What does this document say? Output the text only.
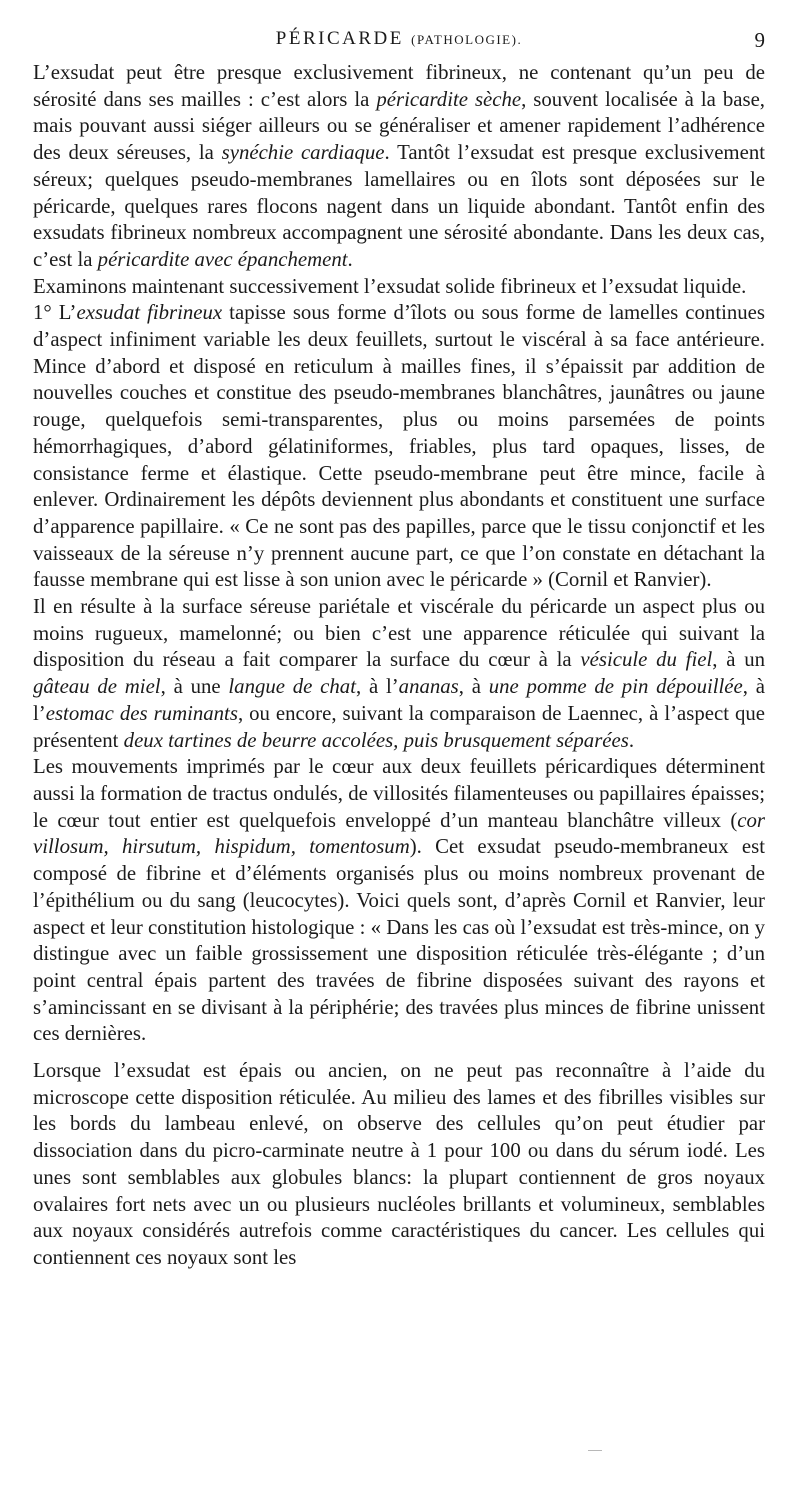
PÉRICARDE (PATHOLOGIE).	9

L’exsudat peut être presque exclusivement fibrineux, ne contenant qu’un peu de sérosité dans ses mailles : c’est alors la péricardite sèche, souvent localisée à la base, mais pouvant aussi siéger ailleurs ou se généraliser et amener rapidement l’adhérence des deux séreuses, la synéchie cardiaque. Tantôt l’exsudat est presque exclusivement séreux; quelques pseudo-membranes lamellaires ou en îlots sont déposées sur le péricarde, quelques rares flocons nagent dans un liquide abondant. Tantôt enfin des exsudats fibrineux nombreux accompagnent une sérosité abondante. Dans les deux cas, c’est la péricardite avec épanchement.

Examinons maintenant successivement l’exsudat solide fibrineux et l’exsudat liquide.

1° L’exsudat fibrineux tapisse sous forme d’îlots ou sous forme de lamelles continues d’aspect infiniment variable les deux feuillets, surtout le viscéral à sa face antérieure. Mince d’abord et disposé en reticulum à mailles fines, il s’épaissit par addition de nouvelles couches et constitue des pseudo-membranes blanchâtres, jaunâtres ou jaune rouge, quelquefois semi-transparentes, plus ou moins parsemées de points hémorrhagiques, d’abord gélatiniformes, friables, plus tard opaques, lisses, de consistance ferme et élastique. Cette pseudo-membrane peut être mince, facile à enlever. Ordinairement les dépôts deviennent plus abondants et constituent une surface d’apparence papillaire. « Ce ne sont pas des papilles, parce que le tissu conjonctif et les vaisseaux de la séreuse n’y prennent aucune part, ce que l’on constate en détachant la fausse membrane qui est lisse à son union avec le péricarde » (Cornil et Ranvier).

Il en résulte à la surface séreuse pariétale et viscérale du péricarde un aspect plus ou moins rugueux, mamelonné; ou bien c’est une apparence réticulée qui suivant la disposition du réseau a fait comparer la surface du cœur à la vésicule du fiel, à un gâteau de miel, à une langue de chat, à l’ananas, à une pomme de pin dépouillée, à l’estomac des ruminants, ou encore, suivant la comparaison de Laennec, à l’aspect que présentent deux tartines de beurre accolées, puis brusquement séparées.

Les mouvements imprimés par le cœur aux deux feuillets péricardiques déterminent aussi la formation de tractus ondulés, de villosités filamenteuses ou papillaires épaisses; le cœur tout entier est quelquefois enveloppé d’un manteau blanchâtre villeux (cor villosum, hirsutum, hispidum, tomentosum). Cet exsudat pseudo-membraneux est composé de fibrine et d’éléments organisés plus ou moins nombreux provenant de l’épithélium ou du sang (leucocytes). Voici quels sont, d’après Cornil et Ranvier, leur aspect et leur constitution histologique : « Dans les cas où l’exsudat est très-mince, on y distingue avec un faible grossissement une disposition réticulée très-élégante ; d’un point central épais partent des travées de fibrine disposées suivant des rayons et s’amincissant en se divisant à la périphérie; des travées plus minces de fibrine unissent ces dernières.

Lorsque l’exsudat est épais ou ancien, on ne peut pas reconnaître à l’aide du microscope cette disposition réticulée. Au milieu des lames et des fibrilles visibles sur les bords du lambeau enlevé, on observe des cellules qu’on peut étudier par dissociation dans du picro-carminate neutre à 1 pour 100 ou dans du sérum iodé. Les unes sont semblables aux globules blancs: la plupart contiennent de gros noyaux ovalaires fort nets avec un ou plusieurs nucléoles brillants et volumineux, semblables aux noyaux considérés autrefois comme caractéristiques du cancer. Les cellules qui contiennent ces noyaux sont les
